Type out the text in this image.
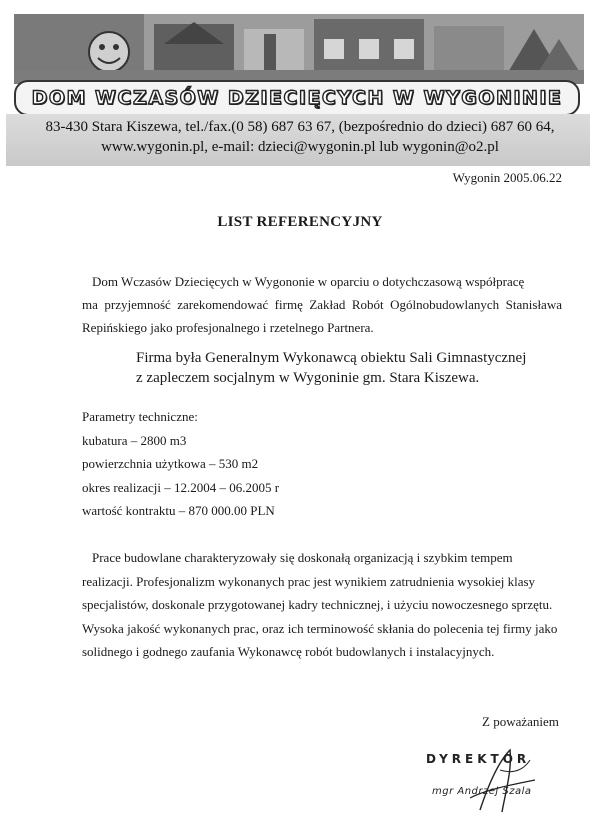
DOM WCZASÓW DZIECIĘCYCH W WYGONINIE
83-430 Stara Kiszewa, tel./fax.(0 58) 687 63 67, (bezpośrednio do dzieci) 687 60 64,
www.wygonin.pl, e-mail: dzieci@wygonin.pl lub wygonin@o2.pl
Wygonin 2005.06.22
LIST REFERENCYJNY
Dom Wczasów Dziecięcych w Wygononie w oparciu o dotychczasową współpracę
ma przyjemność zarekomendować firmę Zakład Robót Ogólnobudowlanych Stanisława Repińskiego jako profesjonalnego i rzetelnego Partnera.
Firma była Generalnym Wykonawcą obiektu Sali Gimnastycznej
z zapleczem socjalnym w Wygoninie gm. Stara Kiszewa.
Parametry techniczne:
kubatura – 2800 m3
powierzchnia użytkowa – 530 m2
okres realizacji – 12.2004 – 06.2005 r
wartość kontraktu – 870 000.00 PLN
Prace budowlane charakteryzowały się doskonałą organizacją i szybkim tempem
realizacji. Profesjonalizm wykonanych prac jest wynikiem zatrudnienia wysokiej klasy
specjalistów, doskonale przygotowanej kadry technicznej, i użyciu nowoczesnego sprzętu.
Wysoka jakość wykonanych prac, oraz ich terminowość skłania do polecenia tej firmy jako
solidnego i godnego zaufania Wykonawcę robót budowlanych i instalacyjnych.
Z poważaniem
DYREKTOR
mgr Andrzej Szala
